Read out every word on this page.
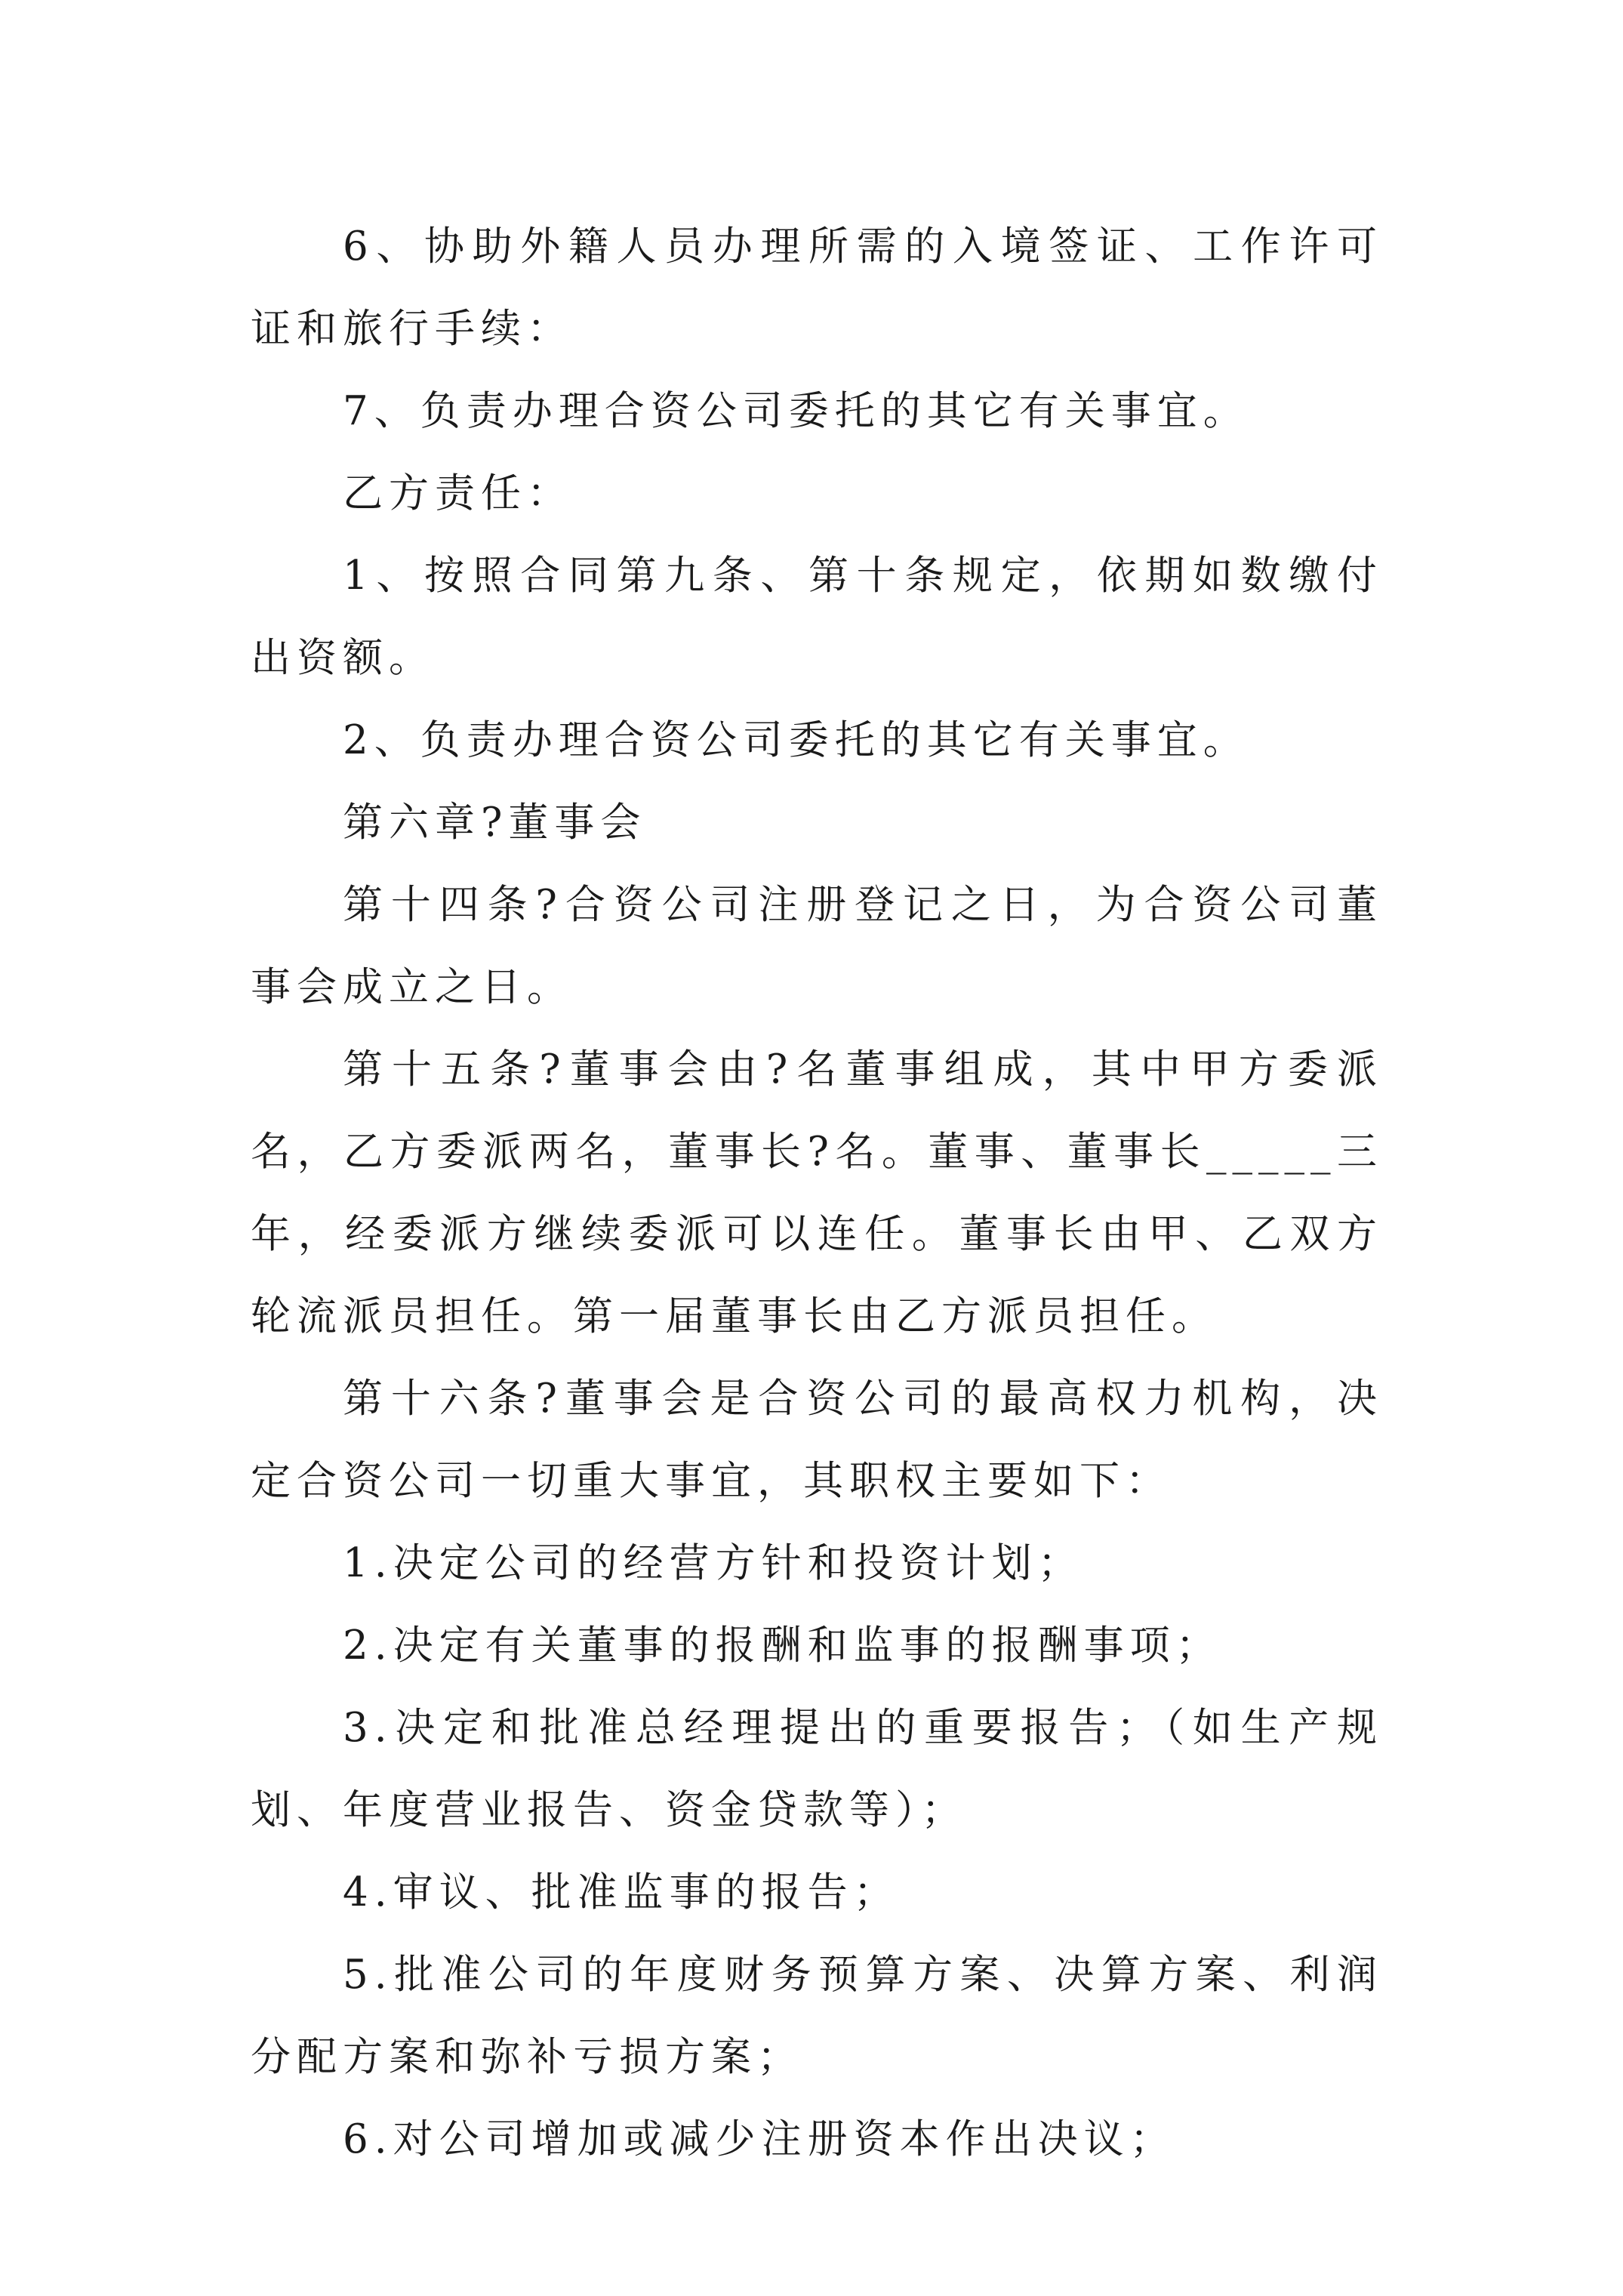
6、协助外籍人员办理所需的入境签证、工作许可证和旅行手续：

7、负责办理合资公司委托的其它有关事宜。

乙方责任：

1、按照合同第九条、第十条规定，依期如数缴付出资额。

2、负责办理合资公司委托的其它有关事宜。

第六章?董事会

第十四条?合资公司注册登记之日，为合资公司董事会成立之日。

第十五条?董事会由?名董事组成，其中甲方委派名，乙方委派两名，董事长?名。董事、董事长_____三年，经委派方继续委派可以连任。董事长由甲、乙双方轮流派员担任。第一届董事长由乙方派员担任。

第十六条?董事会是合资公司的最高权力机构，决定合资公司一切重大事宜，其职权主要如下：

1.决定公司的经营方针和投资计划；

2.决定有关董事的报酬和监事的报酬事项；

3.决定和批准总经理提出的重要报告；（如生产规划、年度营业报告、资金贷款等）；

4.审议、批准监事的报告；

5.批准公司的年度财务预算方案、决算方案、利润分配方案和弥补亏损方案；

6.对公司增加或减少注册资本作出决议；
